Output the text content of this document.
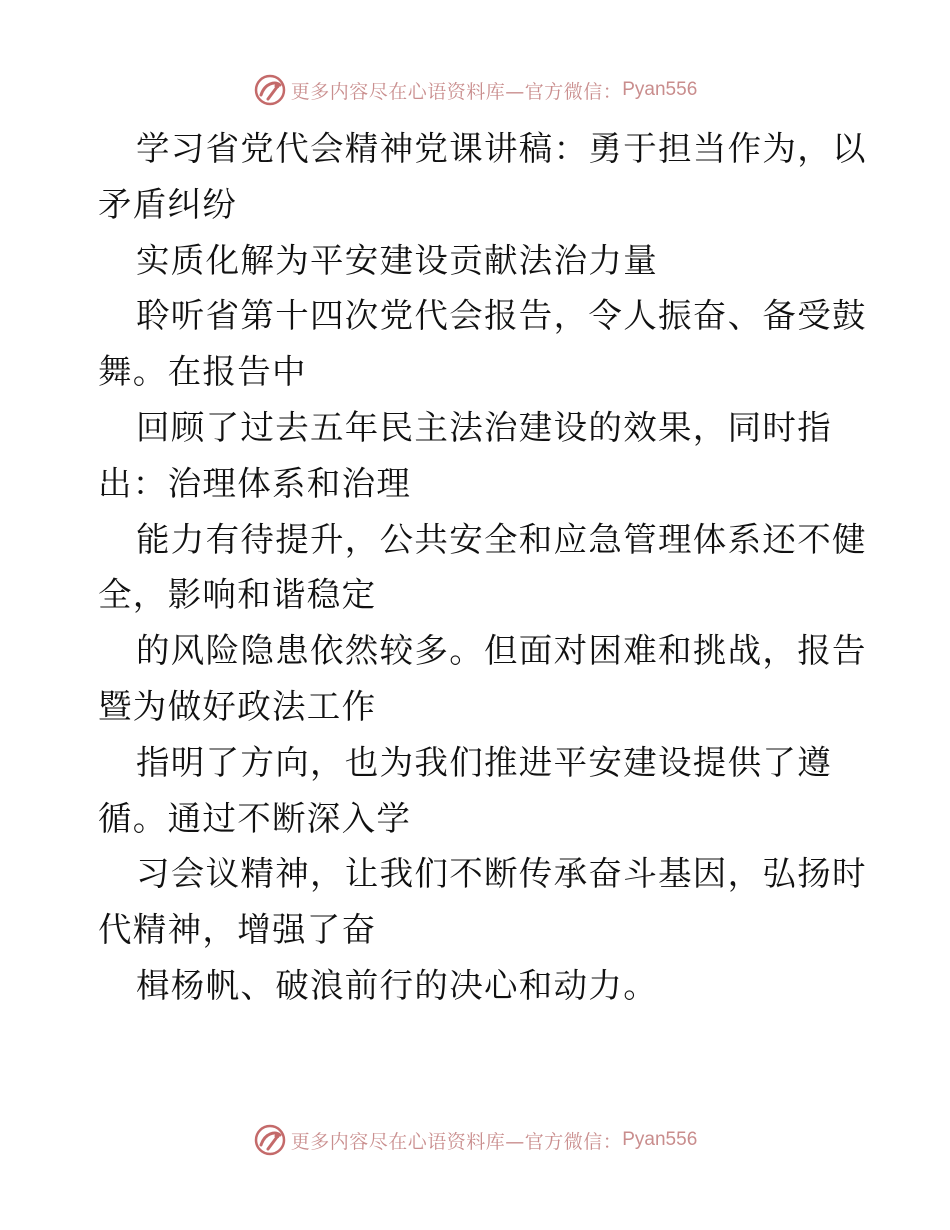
更多内容尽在心语资料库—官方微信： Pyan556
学习省党代会精神党课讲稿：勇于担当作为，以
矛盾纠纷
实质化解为平安建设贡献法治力量
聆听省第十四次党代会报告，令人振奋、备受鼓
舞。在报告中
回顾了过去五年民主法治建设的效果，同时指
出：治理体系和治理
能力有待提升，公共安全和应急管理体系还不健
全，影响和谐稳定
的风险隐患依然较多。但面对困难和挑战，报告
暨为做好政法工作
指明了方向，也为我们推进平安建设提供了遵
循。通过不断深入学
习会议精神，让我们不断传承奋斗基因，弘扬时
代精神，增强了奋
楫杨帆、破浪前行的决心和动力。
更多内容尽在心语资料库—官方微信： Pyan556
